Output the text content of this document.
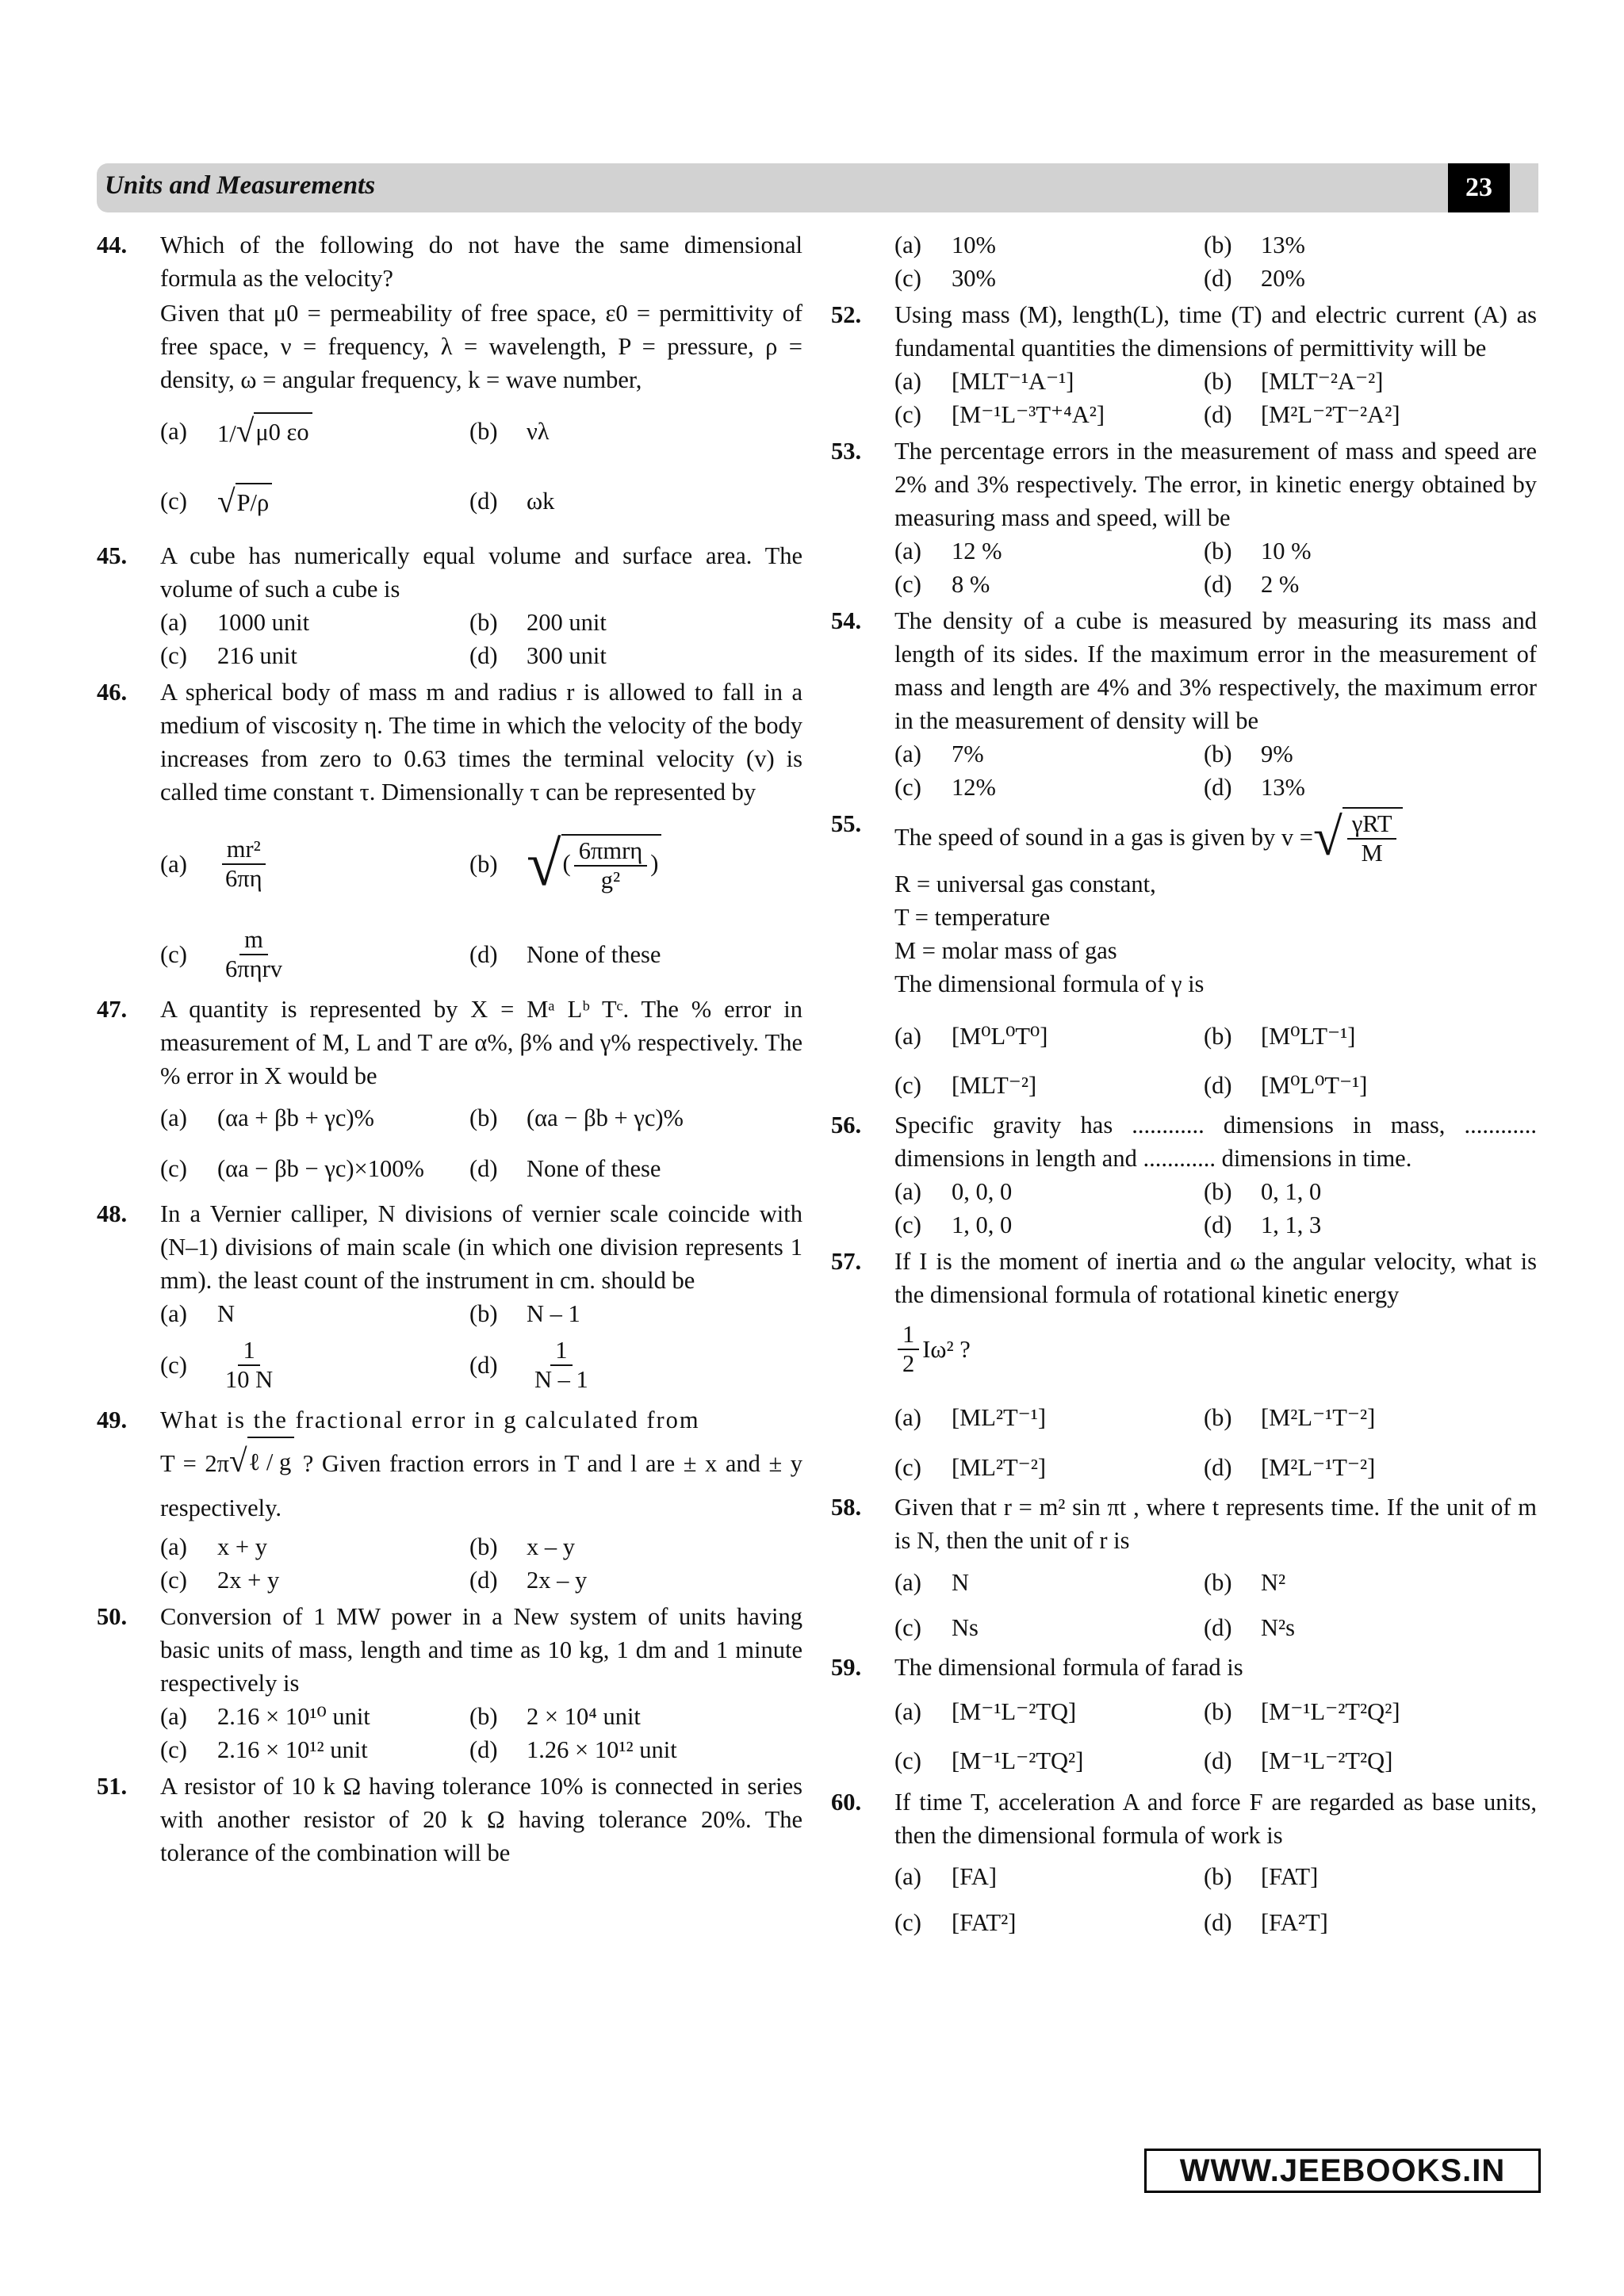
Units and Measurements	23
44. Which of the following do not have the same dimensional formula as the velocity?
Given that μ0 = permeability of free space, ε0 = permittivity of free space, ν = frequency, λ = wavelength, P = pressure, ρ = density, ω = angular frequency, k = wave number,
(a)	1/ √ μ0 εo	(b)	νλ
(c) √ P/ρ	(d)	ωk
45. A cube has numerically equal volume and surface area. The volume of such a cube is
(a)	1000 unit	(b)	200 unit
(c)	216 unit	(d)	300 unit
46. A spherical body of mass m and radius r is allowed to fall in a medium of viscosity η. The time in which the velocity of the body increases from zero to 0.63 times the terminal velocity (v) is called time constant τ. Dimensionally τ can be represented by
(a)	$\frac{\text{mr²}}{6\pi\eta}$	(b) √ ( $\frac{\text{6πmrη}}{\text{g²}}$ )
(c)	$\frac{m}{\text{6πηrv}}$	(d)	None of these
47. A quantity is represented by X = Mᵃ Lᵇ Tᶜ. The % error in measurement of M, L and T are α%, β% and γ% respectively. The % error in X would be
(a)	(αa + βb + γc)%	(b)	(αa − βb + γc)%
(c)	(αa − βb − γc)×100% (d)	None of these
48. In a Vernier calliper, N divisions of vernier scale coincide with (N–1) divisions of main scale (in which one division represents 1 mm). the least count of the instrument in cm. should be
(a)	N	(b)	N – 1
(c)	$\frac{1}{10 N}$	(d)	$\frac{1}{N - 1}$
49. What is the fractional error in g calculated from
T = 2π √ ℓ / g ? Given fraction errors in T and l are ± x and ± y respectively.
(a)	x + y	(b)	x – y
(c)	2x + y	(d)	2x – y
50. Conversion of 1 MW power in a New system of units having basic units of mass, length and time as 10 kg, 1 dm and 1 minute respectively is
(a)	2.16 × 10¹⁰ unit	(b)	2 × 10⁴ unit
(c)	2.16 × 10¹² unit	(d)	1.26 × 10¹² unit
51. A resistor of 10 k Ω having tolerance 10% is connected in series with another resistor of 20 k Ω having tolerance 20%. The tolerance of the combination will be
(a)	10%	(b)	13%
(c)	30%	(d)	20%
52. Using mass (M), length(L), time (T) and electric current (A) as fundamental quantities the dimensions of permittivity will be
(a)	[MLT⁻¹A⁻¹]	(b)	[MLT⁻²A⁻²]
(c)	[M⁻¹L⁻³T⁺⁴A²]	(d)	[M²L⁻²T⁻²A²]
53. The percentage errors in the measurement of mass and speed are 2% and 3% respectively. The error, in kinetic energy obtained by measuring mass and speed, will be
(a)	12 %	(b)	10 %
(c)	8 %	(d)	2 %
54. The density of a cube is measured by measuring its mass and length of its sides. If the maximum error in the measurement of mass and length are 4% and 3% respectively, the maximum error in the measurement of density will be
(a)	7%	(b)	9%
(c)	12%	(d)	13%
55.
The speed of sound in a gas is given by
v = √ $\frac{\text{γRT}}{M}$
R = universal gas constant,
T = temperature
M = molar mass of gas
The dimensional formula of γ is
(a)	[M⁰L⁰T⁰]	(b)	[M⁰LT⁻¹]
(c)	[MLT⁻²]	(d)	[M⁰L⁰T⁻¹]
56. Specific gravity has ............ dimensions in mass, ............ dimensions in length and ............ dimensions in time.
(a)	0, 0, 0	(b)	0, 1, 0
(c)	1, 0, 0	(d)	1, 1, 3
57. If I is the moment of inertia and ω the angular velocity, what is the dimensional formula of rotational kinetic energy
$\frac{1}{2} I\omega^2$ ?
(a)	[ML²T⁻¹]	(b)	[M²L⁻¹T⁻²]
(c)	[ML²T⁻²]	(d)	[M²L⁻¹T⁻²]
58. Given that r = m² sin πt , where t represents time. If the unit of m is N, then the unit of r is
(a)	N	(b)	N²
(c)	Ns	(d)	N²s
59. The dimensional formula of farad is
(a)	[M⁻¹L⁻²TQ]	(b)	[M⁻¹L⁻²T²Q²]
(c)	[M⁻¹L⁻²TQ²]	(d)	[M⁻¹L⁻²T²Q]
60. If time T, acceleration A and force F are regarded as base units, then the dimensional formula of work is
(a)	[FA]	(b)	[FAT]
(c)	[FAT²]	(d)	[FA²T]
WWW.JEEBOOKS.IN
